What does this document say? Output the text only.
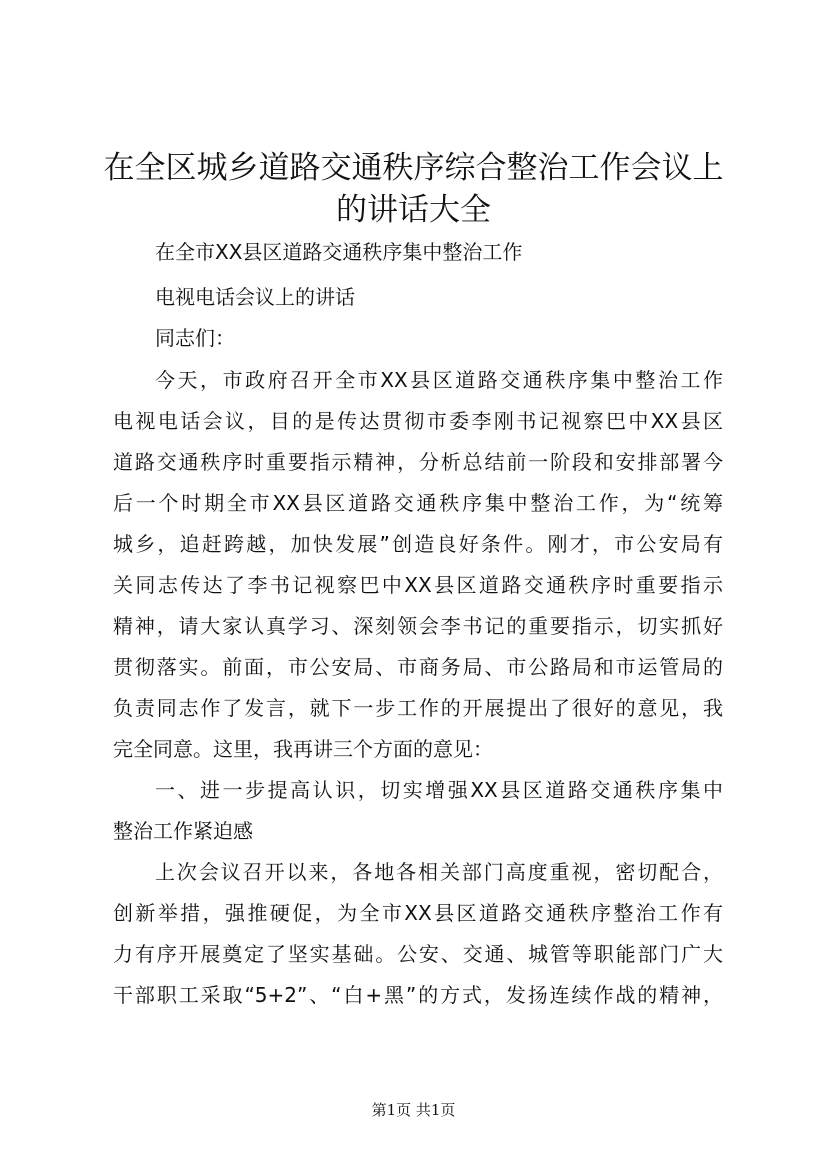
在全区城乡道路交通秩序综合整治工作会议上
的讲话大全

在全市XX县区道路交通秩序集中整治工作

电视电话会议上的讲话

同志们：

今天，市政府召开全市XX县区道路交通秩序集中整治工作

电视电话会议，目的是传达贯彻市委李刚书记视察巴中XX县区

道路交通秩序时重要指示精神，分析总结前一阶段和安排部署今

后一个时期全市XX县区道路交通秩序集中整治工作，为“统筹

城乡，追赶跨越，加快发展”创造良好条件。刚才，市公安局有

关同志传达了李书记视察巴中XX县区道路交通秩序时重要指示

精神，请大家认真学习、深刻领会李书记的重要指示，切实抓好

贯彻落实。前面，市公安局、市商务局、市公路局和市运管局的

负责同志作了发言，就下一步工作的开展提出了很好的意见，我

完全同意。这里，我再讲三个方面的意见：

一、进一步提高认识，切实增强XX县区道路交通秩序集中

整治工作紧迫感

上次会议召开以来，各地各相关部门高度重视，密切配合，

创新举措，强推硬促，为全市XX县区道路交通秩序整治工作有

力有序开展奠定了坚实基础。公安、交通、城管等职能部门广大

干部职工采取“5+2”、“白+黑”的方式，发扬连续作战的精神，

第1页 共1页
